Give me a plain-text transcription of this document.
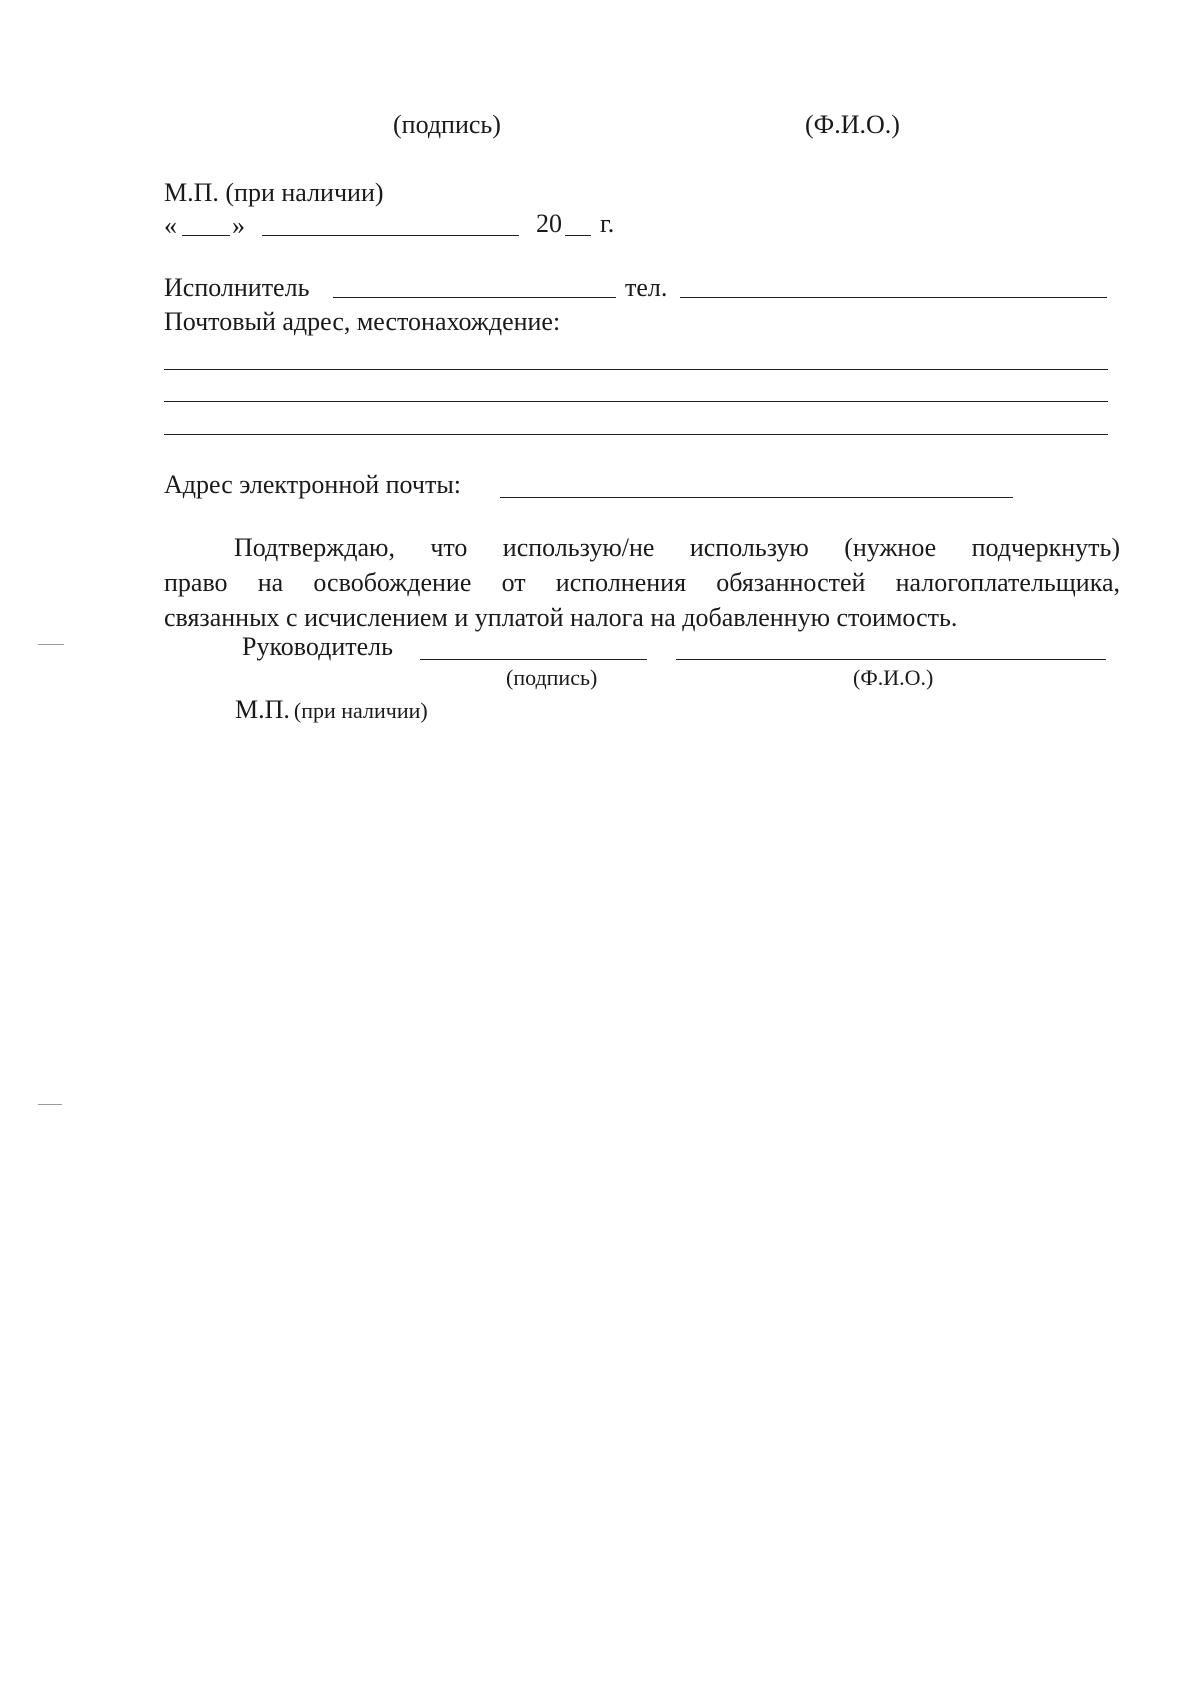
(подпись)	(Ф.И.О.)
М.П. (при наличии)
« »	20 г.
Исполнитель	тел.
Почтовый адрес, местонахождение:
Адрес электронной почты:
Подтверждаю, что использую/не использую (нужное подчеркнуть)
право на освобождение от исполнения обязанностей налогоплательщика,
связанных с исчислением и уплатой налога на добавленную стоимость.
Руководитель
(подпись)	(Ф.И.О.)
М.П. (при наличии)
